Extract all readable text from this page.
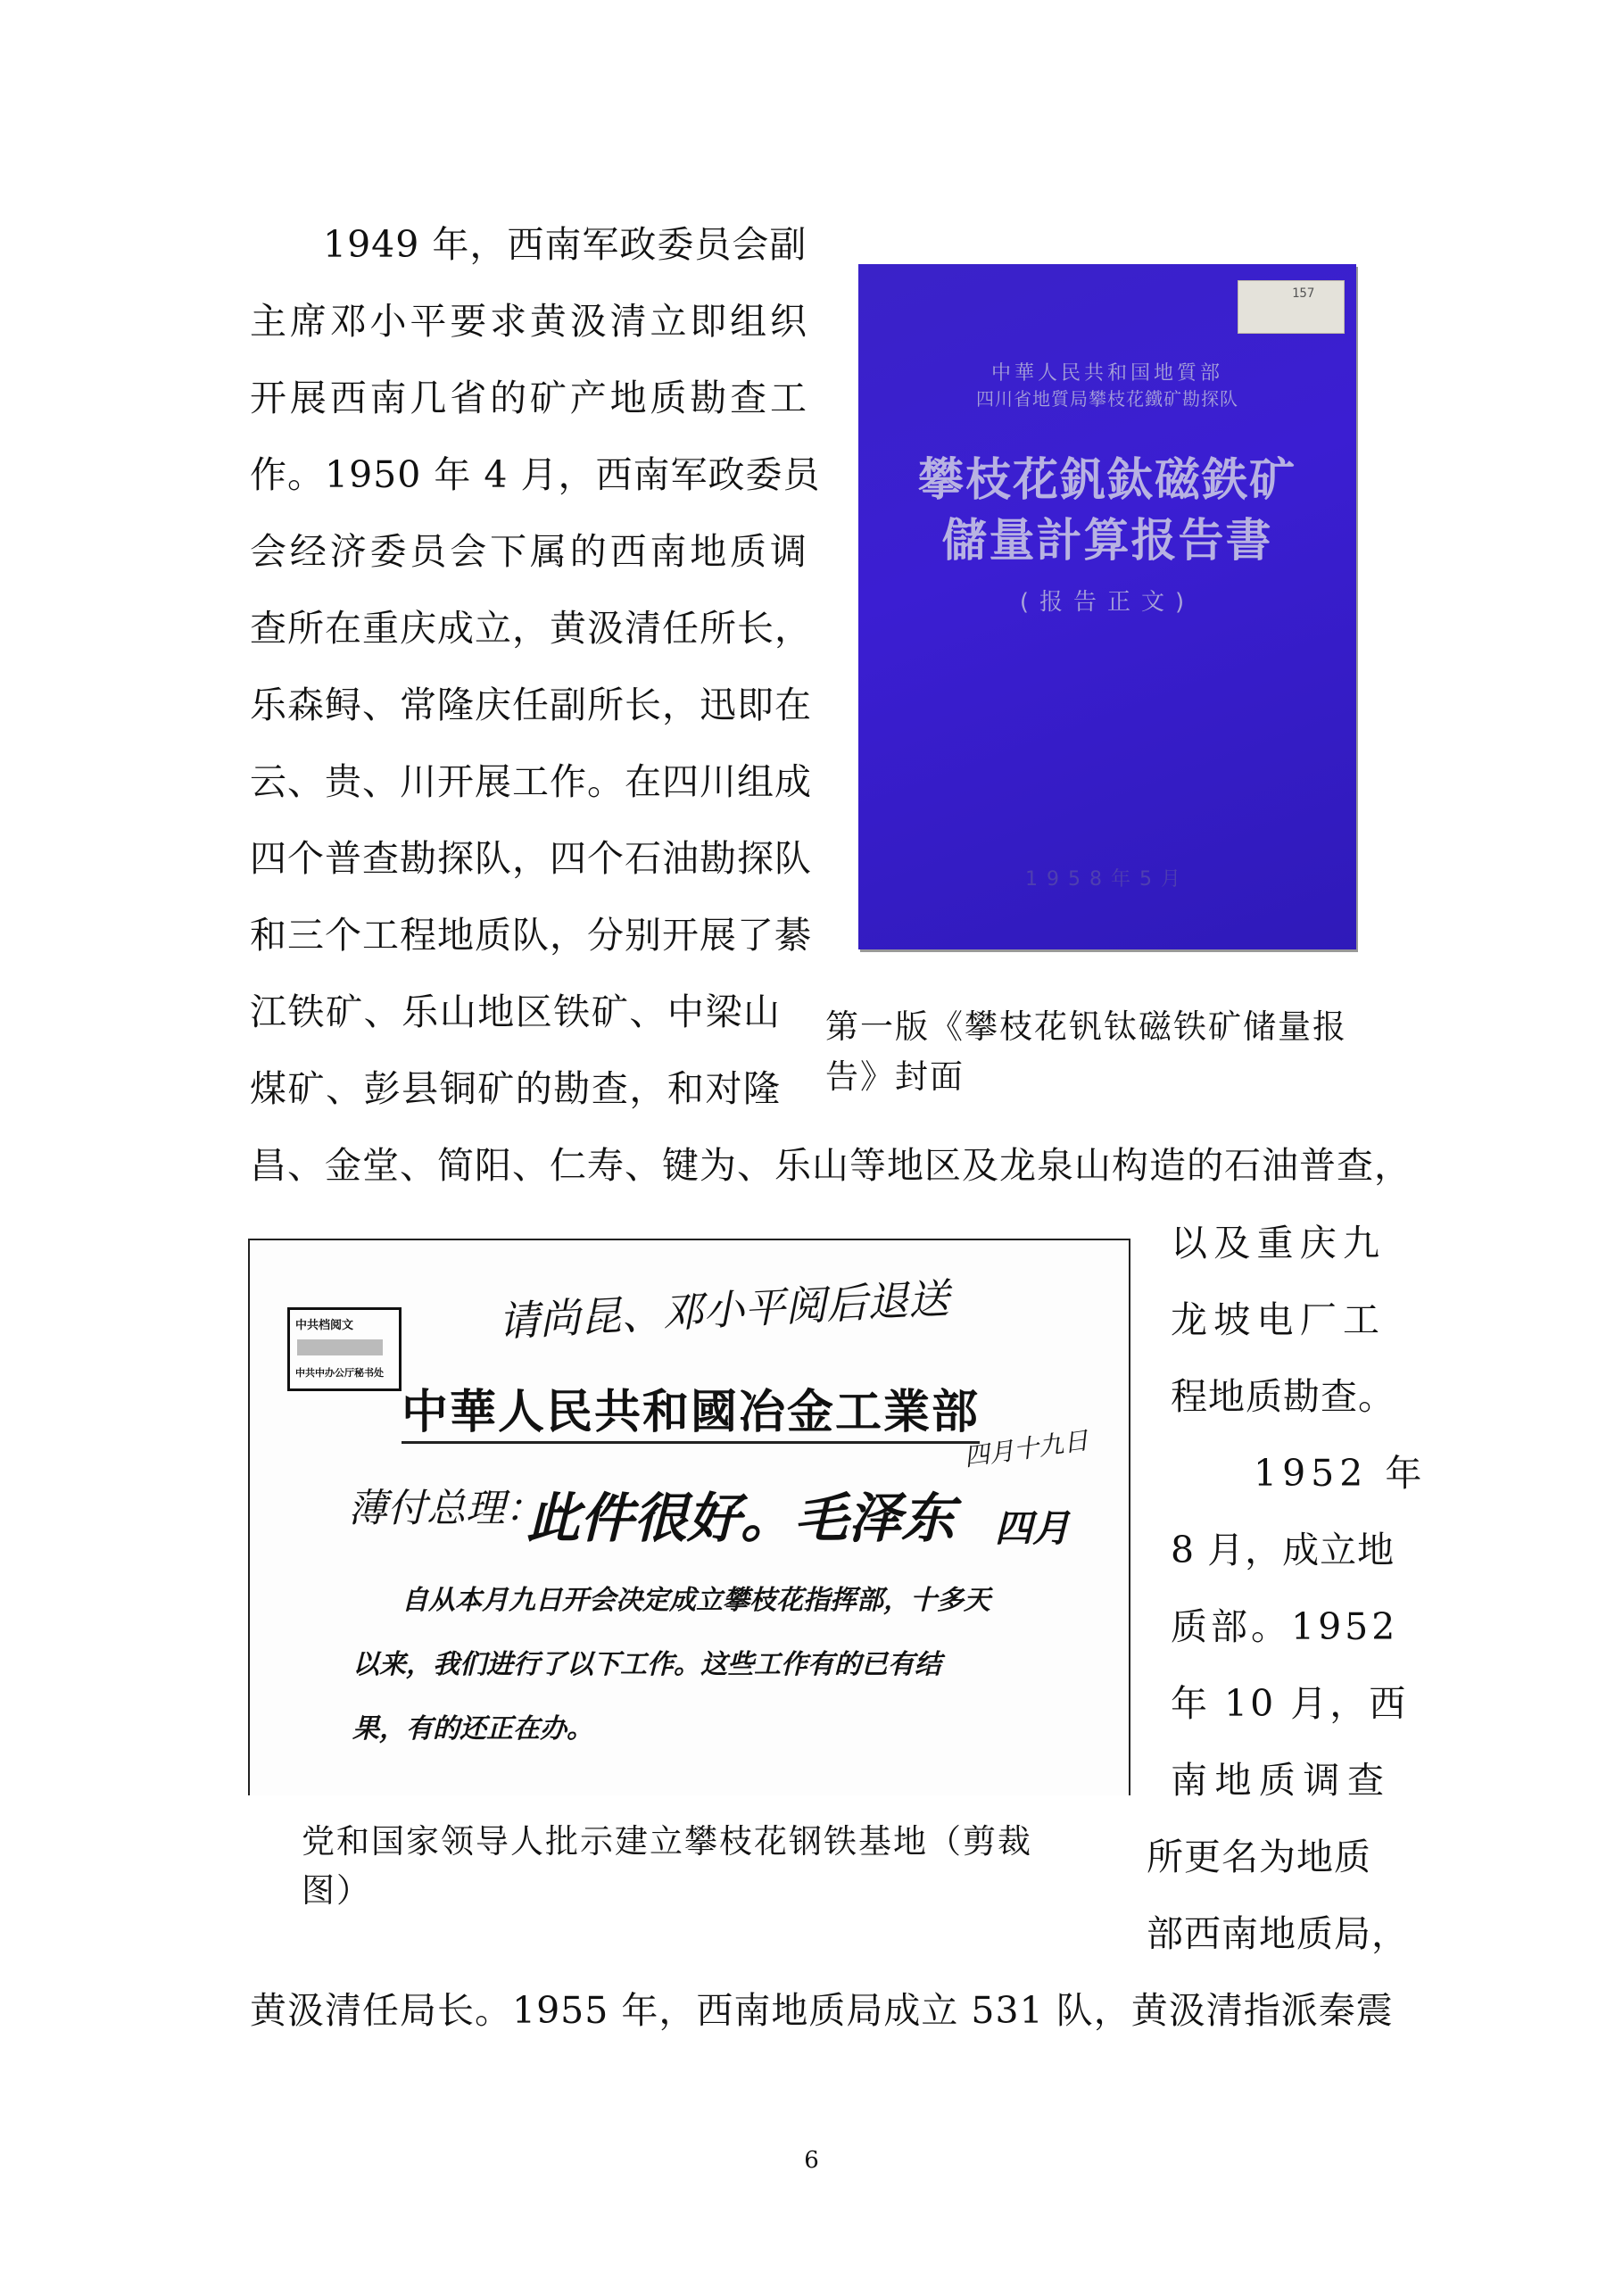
1949 年，西南军政委员会副
主席邓小平要求黄汲清立即组织
开展西南几省的矿产地质勘查工
作。1950 年 4 月，西南军政委员
会经济委员会下属的西南地质调
查所在重庆成立，黄汲清任所长，
乐森鲟、常隆庆任副所长，迅即在
云、贵、川开展工作。在四川组成
四个普查勘探队，四个石油勘探队
和三个工程地质队，分别开展了綦
江铁矿、乐山地区铁矿、中梁山
煤矿、彭县铜矿的勘查，和对隆
157
中華人民共和国地質部
四川省地質局攀枝花鐵矿勘探队
攀枝花釩鈦磁鉄矿
儲量計算报告書
(报告正文)
1958年5月
第一版《攀枝花钒钛磁铁矿储量报
告》封面
昌、金堂、简阳、仁寿、键为、乐山等地区及龙泉山构造的石油普查，
中共档阅文
中共中办公厅秘书处
请尚昆、邓小平阅后退送
中華人民共和國冶金工業部
四月十九日
薄付总理：
此件很好。毛泽东 四月
自从本月九日开会决定成立攀枝花指挥部，十多天
以来，我们进行了以下工作。这些工作有的已有结
果，有的还正在办。
党和国家领导人批示建立攀枝花钢铁基地（剪裁
图）
以及重庆九
龙坡电厂工
程地质勘查。
1952 年
8 月，成立地
质部。1952
年 10 月，西
南地质调查
所更名为地质
部西南地质局，
黄汲清任局长。1955 年，西南地质局成立 531 队，黄汲清指派秦震
6
